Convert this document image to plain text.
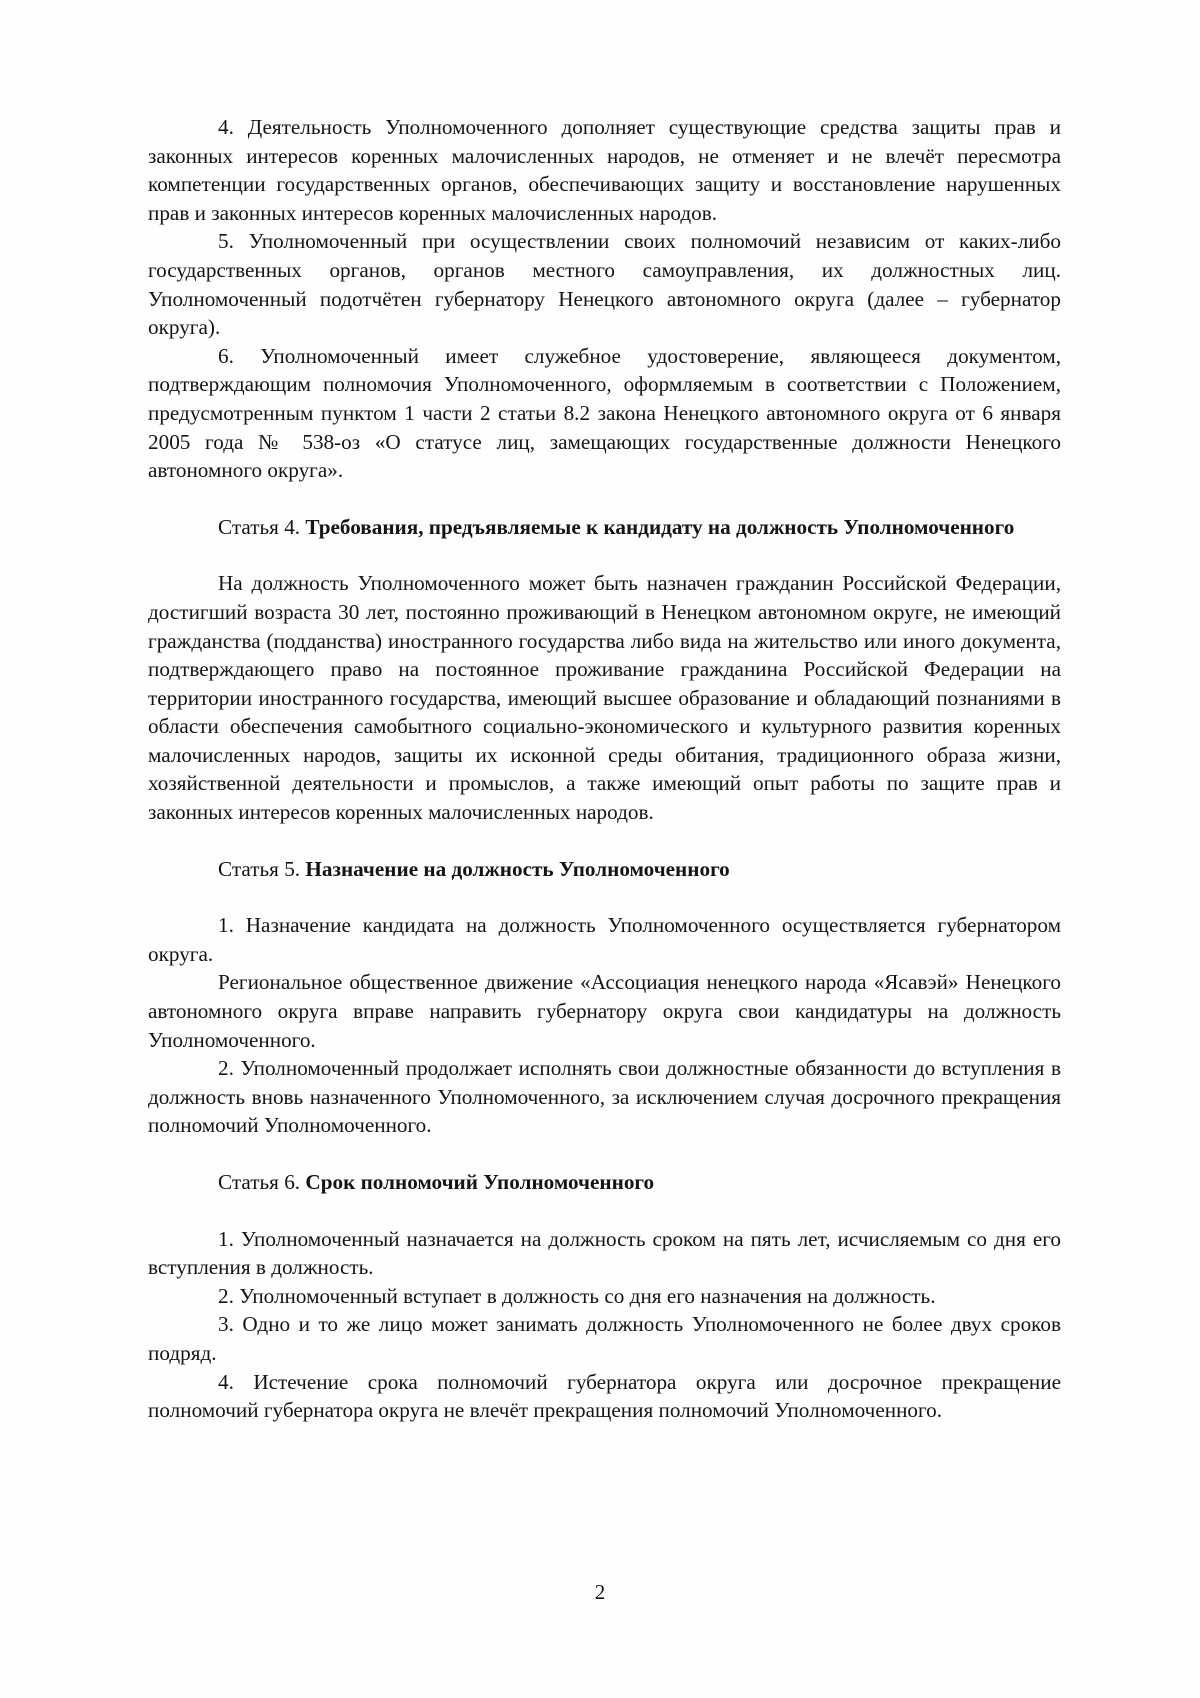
4. Деятельность Уполномоченного дополняет существующие средства защиты прав и законных интересов коренных малочисленных народов, не отменяет и не влечёт пересмотра компетенции государственных органов, обеспечивающих защиту и восстановление нарушенных прав и законных интересов коренных малочисленных народов.

5. Уполномоченный при осуществлении своих полномочий независим от каких-либо государственных органов, органов местного самоуправления, их должностных лиц. Уполномоченный подотчётен губернатору Ненецкого автономного округа (далее – губернатор округа).

6. Уполномоченный имеет служебное удостоверение, являющееся документом, подтверждающим полномочия Уполномоченного, оформляемым в соответствии с Положением, предусмотренным пунктом 1 части 2 статьи 8.2 закона Ненецкого автономного округа от 6 января 2005 года № 538-оз «О статусе лиц, замещающих государственные должности Ненецкого автономного округа».

Статья 4. Требования, предъявляемые к кандидату на должность Уполномоченного

На должность Уполномоченного может быть назначен гражданин Российской Федерации, достигший возраста 30 лет, постоянно проживающий в Ненецком автономном округе, не имеющий гражданства (подданства) иностранного государства либо вида на жительство или иного документа, подтверждающего право на постоянное проживание гражданина Российской Федерации на территории иностранного государства, имеющий высшее образование и обладающий познаниями в области обеспечения самобытного социально-экономического и культурного развития коренных малочисленных народов, защиты их исконной среды обитания, традиционного образа жизни, хозяйственной деятельности и промыслов, а также имеющий опыт работы по защите прав и законных интересов коренных малочисленных народов.

Статья 5. Назначение на должность Уполномоченного

1. Назначение кандидата на должность Уполномоченного осуществляется губернатором округа.

Региональное общественное движение «Ассоциация ненецкого народа «Ясавэй» Ненецкого автономного округа вправе направить губернатору округа свои кандидатуры на должность Уполномоченного.

2. Уполномоченный продолжает исполнять свои должностные обязанности до вступления в должность вновь назначенного Уполномоченного, за исключением случая досрочного прекращения полномочий Уполномоченного.

Статья 6. Срок полномочий Уполномоченного

1. Уполномоченный назначается на должность сроком на пять лет, исчисляемым со дня его вступления в должность.

2. Уполномоченный вступает в должность со дня его назначения на должность.

3. Одно и то же лицо может занимать должность Уполномоченного не более двух сроков подряд.

4. Истечение срока полномочий губернатора округа или досрочное прекращение полномочий губернатора округа не влечёт прекращения полномочий Уполномоченного.

2
